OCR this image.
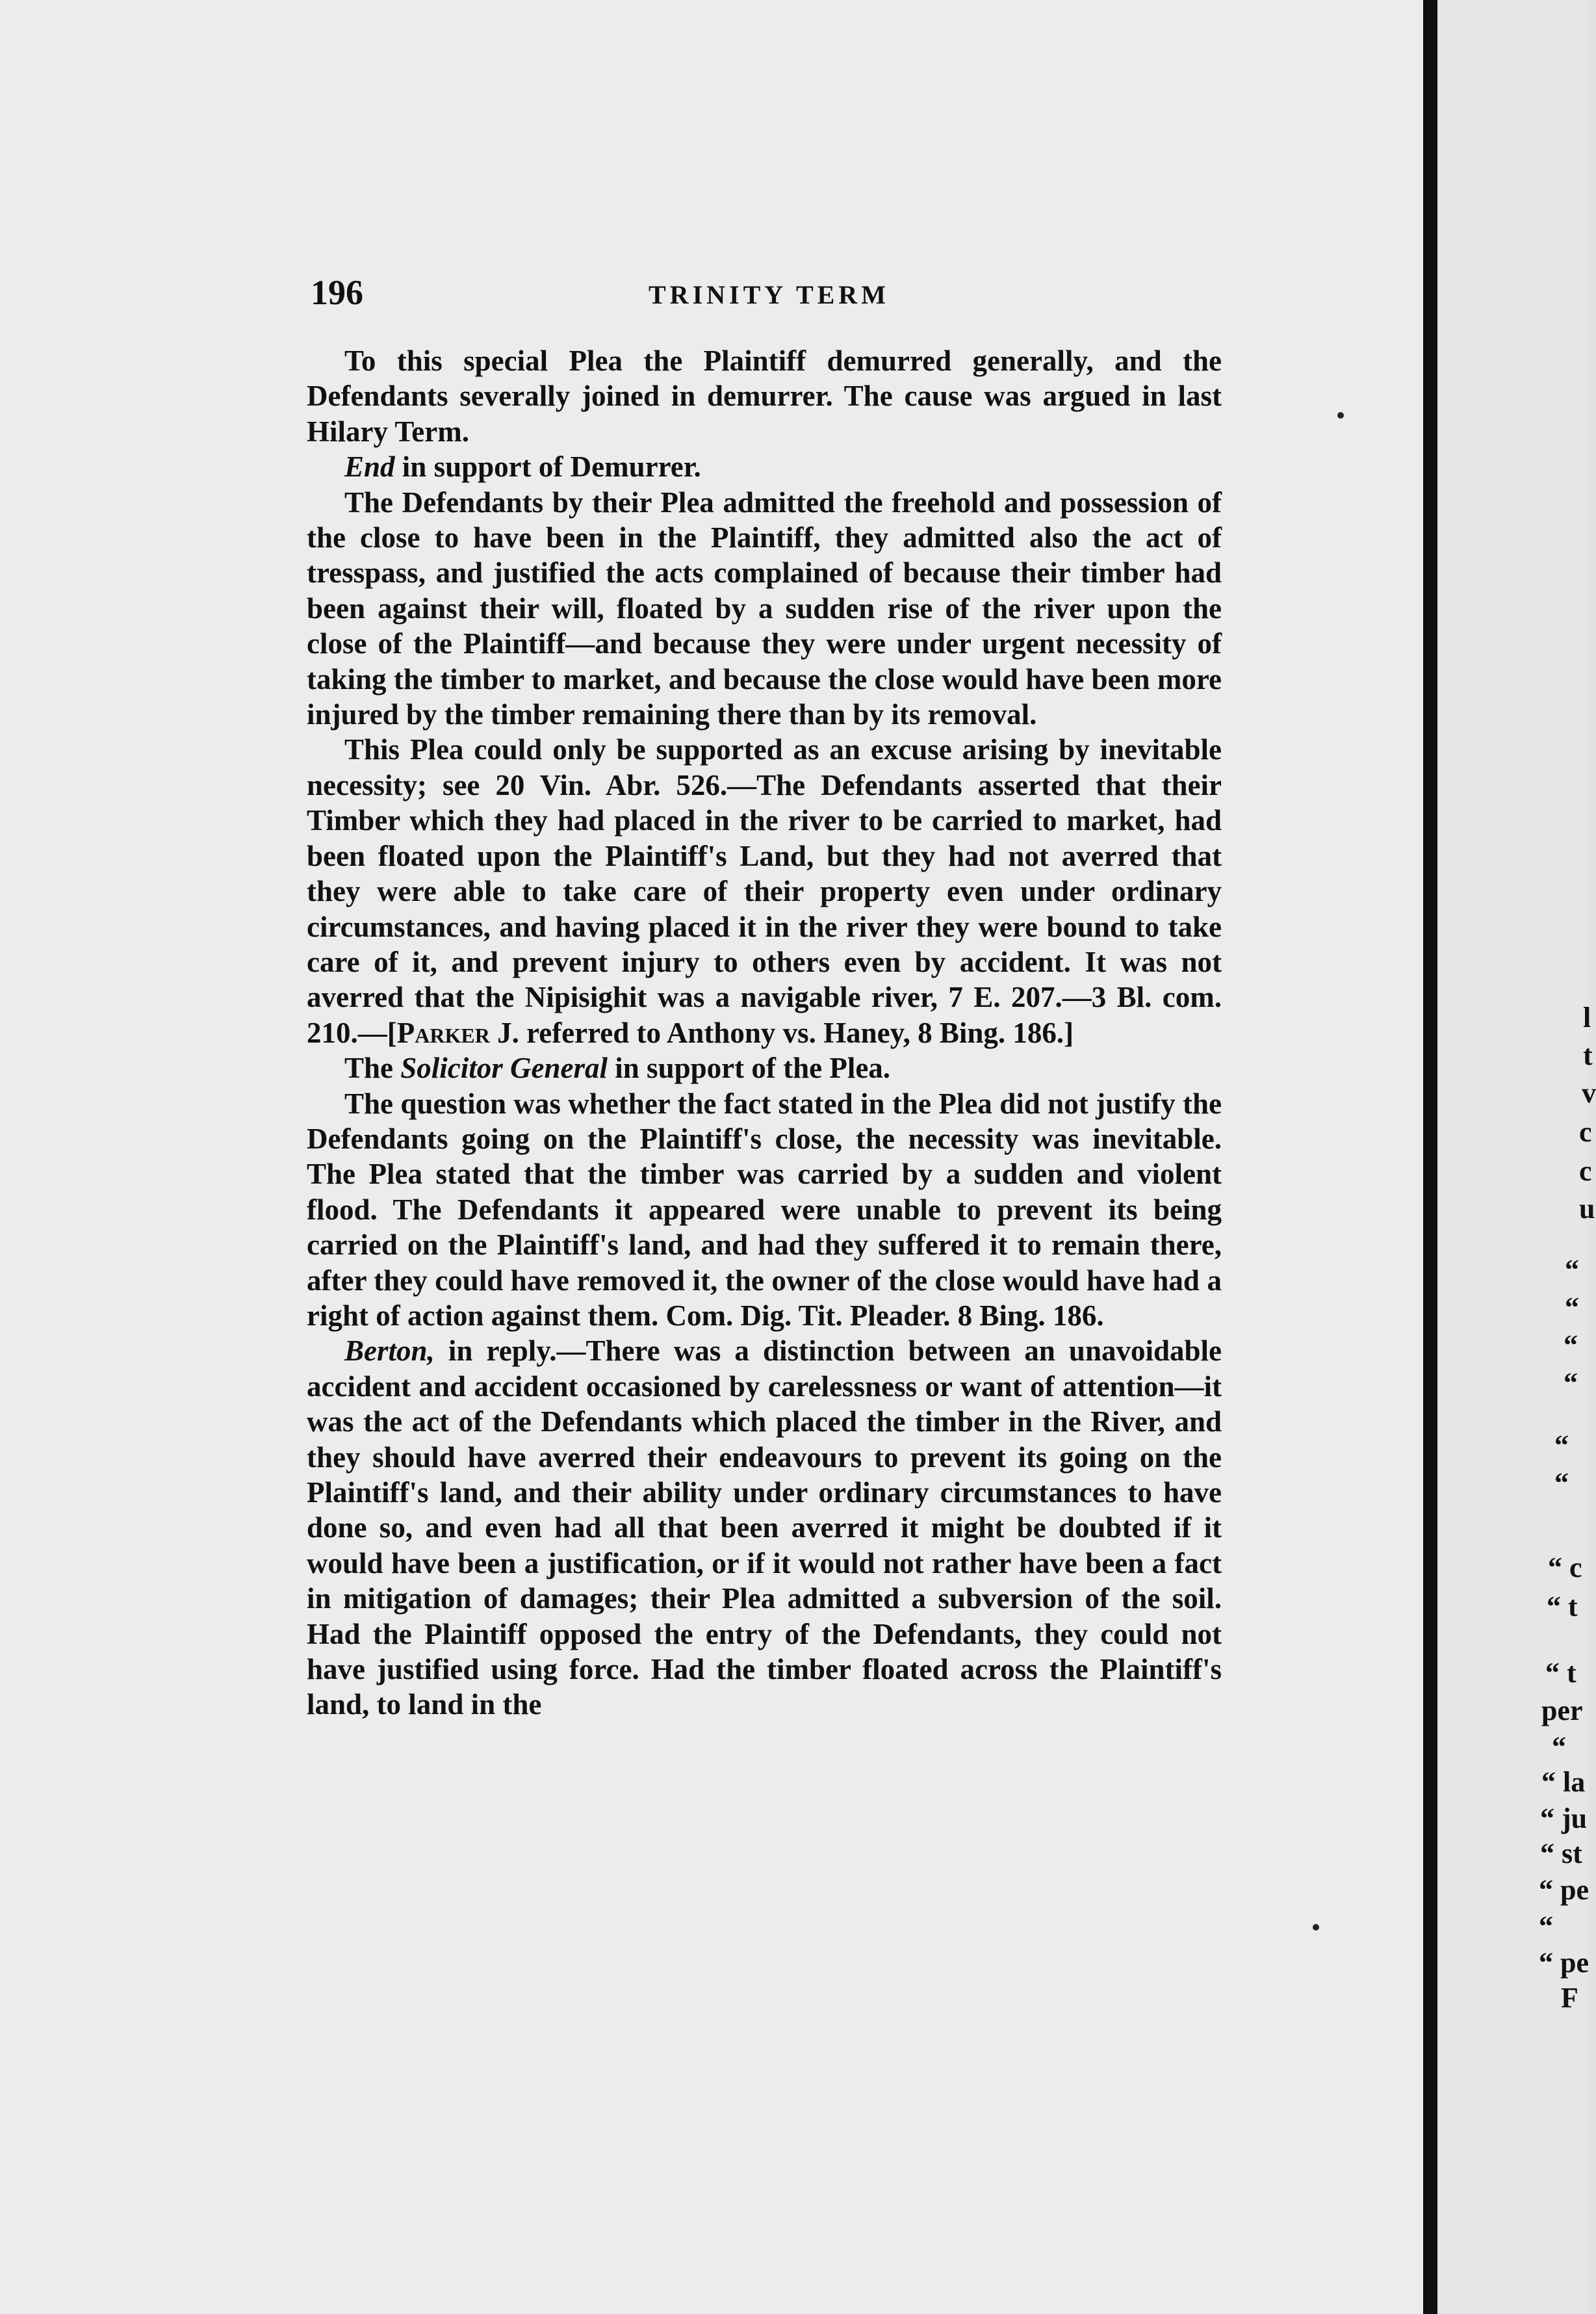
196	TRINITY TERM

To this special Plea the Plaintiff demurred generally, and the Defendants severally joined in demurrer. The cause was argued in last Hilary Term.

End in support of Demurrer.

The Defendants by their Plea admitted the freehold and possession of the close to have been in the Plaintiff, they admitted also the act of tresspass, and justified the acts complained of because their timber had been against their will, floated by a sudden rise of the river upon the close of the Plaintiff—and because they were under urgent necessity of taking the timber to market, and because the close would have been more injured by the timber remaining there than by its removal.

This Plea could only be supported as an excuse arising by inevitable necessity; see 20 Vin. Abr. 526.—The Defendants asserted that their Timber which they had placed in the river to be carried to market, had been floated upon the Plaintiff's Land, but they had not averred that they were able to take care of their property even under ordinary circumstances, and having placed it in the river they were bound to take care of it, and prevent injury to others even by accident. It was not averred that the Nipisighit was a navigable river, 7 E. 207.—3 Bl. com. 210.—[Parker J. referred to Anthony vs. Haney, 8 Bing. 186.]

The Solicitor General in support of the Plea.

The question was whether the fact stated in the Plea did not justify the Defendants going on the Plaintiff's close, the necessity was inevitable. The Plea stated that the timber was carried by a sudden and violent flood. The Defendants it appeared were unable to prevent its being carried on the Plaintiff's land, and had they suffered it to remain there, after they could have removed it, the owner of the close would have had a right of action against them. Com. Dig. Tit. Pleader. 8 Bing. 186.

Berton, in reply.—There was a distinction between an unavoidable accident and accident occasioned by carelessness or want of attention—it was the act of the Defendants which placed the timber in the River, and they should have averred their endeavours to prevent its going on the Plaintiff's land, and their ability under ordinary circumstances to have done so, and even had all that been averred it might be doubted if it would have been a justification, or if it would not rather have been a fact in mitigation of damages; their Plea admitted a subversion of the soil. Had the Plaintiff opposed the entry of the Defendants, they could not have justified using force. Had the timber floated across the Plaintiff's land, to land in the

l
t
v
c
c
u
“
“
“
“
“
“
“ c
“ t
“ t
per
“
“ la
“ ju
“ st
“ pe
“
“ pe
F
